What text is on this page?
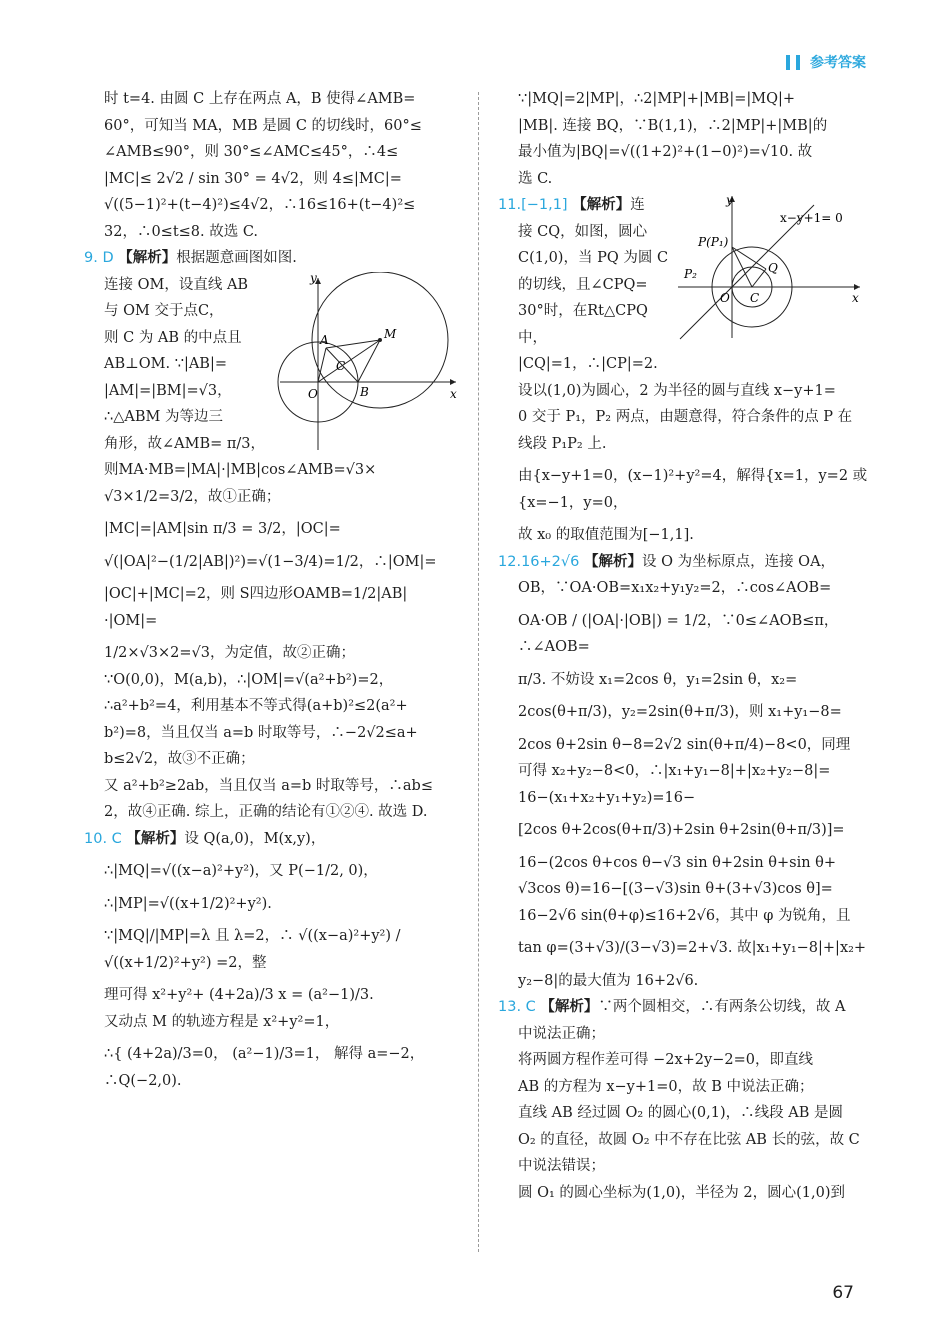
参考答案

时 t=4. 由圆 C 上存在两点 A，B 使得∠AMB=

60°，可知当 MA，MB 是圆 C 的切线时，60°≤

∠AMB≤90°，则 30°≤∠AMC≤45°，∴4≤

|MC|≤ 2√2 / sin 30° = 4√2，则 4≤|MC|=

√((5−1)²+(t−4)²)≤4√2，∴16≤16+(t−4)²≤

32，∴0≤t≤8. 故选 C.

9. D 【解析】根据题意画图如图.

连接 OM，设直线 AB

与 OM 交于点C，

则 C 为 AB 的中点且

AB⊥OM. ∵|AB|=

|AM|=|BM|=√3，

∴△ABM 为等边三

角形，故∠AMB= π/3，

y
x
O
A
B
C
M

则MA·MB=|MA|·|MB|cos∠AMB=√3×

√3×1/2=3/2，故①正确；

|MC|=|AM|sin π/3 = 3/2，|OC|=

√(|OA|²−(1/2|AB|)²)=√(1−3/4)=1/2，∴|OM|=

|OC|+|MC|=2，则 S四边形OAMB=1/2|AB|·|OM|=

1/2×√3×2=√3，为定值，故②正确；

∵O(0,0)，M(a,b)，∴|OM|=√(a²+b²)=2，

∴a²+b²=4，利用基本不等式得(a+b)²≤2(a²+

b²)=8，当且仅当 a=b 时取等号，∴−2√2≤a+

b≤2√2，故③不正确；

又 a²+b²≥2ab，当且仅当 a=b 时取等号，∴ab≤

2，故④正确. 综上，正确的结论有①②④. 故选 D.

10. C 【解析】设 Q(a,0)，M(x,y)，

∴|MQ|=√((x−a)²+y²)，又 P(−1/2, 0)，

∴|MP|=√((x+1/2)²+y²).

∵|MQ|/|MP|=λ 且 λ=2，∴ √((x−a)²+y²) / √((x+1/2)²+y²) =2，整

理可得 x²+y²+ (4+2a)/3 x = (a²−1)/3.

又动点 M 的轨迹方程是 x²+y²=1，

∴{ (4+2a)/3=0， (a²−1)/3=1， 解得 a=−2，∴Q(−2,0).

∵|MQ|=2|MP|，∴2|MP|+|MB|=|MQ|+

|MB|. 连接 BQ，∵B(1,1)，∴2|MP|+|MB|的

最小值为|BQ|=√((1+2)²+(1−0)²)=√10. 故

选 C.

11.[−1,1] 【解析】连

接 CQ，如图，圆心

C(1,0)，当 PQ 为圆 C

的切线，且∠CPQ=

30°时，在Rt△CPQ中，

|CQ|=1，∴|CP|=2.

y
x
O C
P(P₁)
P₂	Q
x−y+1= 0

设以(1,0)为圆心，2 为半径的圆与直线 x−y+1=

0 交于 P₁，P₂ 两点，由题意得，符合条件的点 P 在

线段 P₁P₂ 上.

由{x−y+1=0，(x−1)²+y²=4，解得{x=1，y=2 或{x=−1，y=0，

故 x₀ 的取值范围为[−1,1].

12.16+2√6 【解析】设 O 为坐标原点，连接 OA，

OB，∵OA·OB=x₁x₂+y₁y₂=2，∴cos∠AOB=

OA·OB / (|OA|·|OB|) = 1/2，∵0≤∠AOB≤π，∴∠AOB=

π/3. 不妨设 x₁=2cos θ，y₁=2sin θ，x₂=

2cos(θ+π/3)，y₂=2sin(θ+π/3)，则 x₁+y₁−8=

2cos θ+2sin θ−8=2√2 sin(θ+π/4)−8<0，同理

可得 x₂+y₂−8<0，∴|x₁+y₁−8|+|x₂+y₂−8|=

16−(x₁+x₂+y₁+y₂)=16−

[2cos θ+2cos(θ+π/3)+2sin θ+2sin(θ+π/3)]=

16−(2cos θ+cos θ−√3 sin θ+2sin θ+sin θ+

√3cos θ)=16−[(3−√3)sin θ+(3+√3)cos θ]=

16−2√6 sin(θ+φ)≤16+2√6，其中 φ 为锐角，且

tan φ=(3+√3)/(3−√3)=2+√3. 故|x₁+y₁−8|+|x₂+

y₂−8|的最大值为 16+2√6.

13. C 【解析】∵两个圆相交，∴有两条公切线，故 A

中说法正确；

将两圆方程作差可得 −2x+2y−2=0，即直线

AB 的方程为 x−y+1=0，故 B 中说法正确；

直线 AB 经过圆 O₂ 的圆心(0,1)，∴线段 AB 是圆

O₂ 的直径，故圆 O₂ 中不存在比弦 AB 长的弦，故 C

中说法错误；

圆 O₁ 的圆心坐标为(1,0)，半径为 2，圆心(1,0)到

67
